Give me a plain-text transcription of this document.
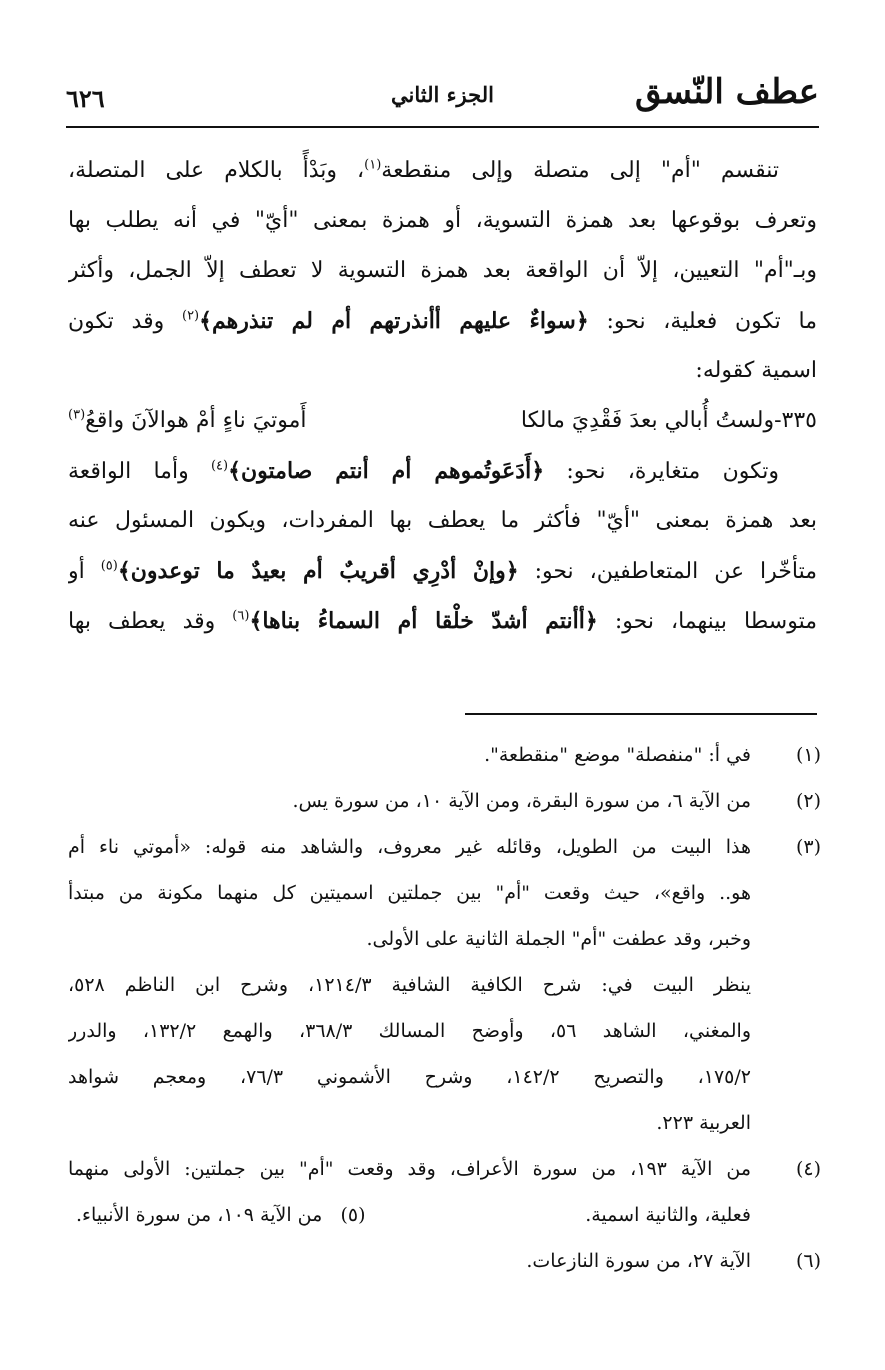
عطف النّسق
الجزء الثاني
٦٢٦
تنقسم "أم" إلى متصلة وإلى منقطعة$^{(١)}$، وبَدْأً بالكلام على المتصلة،
وتعرف بوقوعها بعد همزة التسوية، أو همزة بمعنى "أيّ" في أنه يطلب بها
وبـ"أم" التعيين، إلاّ أن الواقعة بعد همزة التسوية لا تعطف إلاّ الجمل، وأكثر
ما تكون فعلية، نحو: ﴿سواءٌ عليهم أأنذرتهم أم لم تنذرهم﴾$^{(٢)}$ وقد تكون
اسمية كقوله:
٣٣٥-ولستُ أُبالي بعدَ فَقْدِيَ مالكا
أَموتيَ ناءٍ أمْ هوالآنَ واقعُ$^{(٣)}$
وتكون متغايرة، نحو: ﴿أَدَعَوتُموهم أم أنتم صامتون﴾$^{(٤)}$ وأما الواقعة
بعد همزة بمعنى "أيّ" فأكثر ما يعطف بها المفردات، ويكون المسئول عنه
متأخّرا عن المتعاطفين، نحو: ﴿وإنْ أدْرِي أقريبٌ أم بعيدٌ ما توعدون﴾$^{(٥)}$ أو
متوسطا بينهما، نحو: ﴿أأنتم أشدّ خلْقا أم السماءُ بناها﴾$^{(٦)}$ وقد يعطف بها
(١)
في أ: "منفصلة" موضع "منقطعة".
(٢)
من الآية ٦، من سورة البقرة، ومن الآية ١٠، من سورة يس.
(٣)
هذا البيت من الطويل، وقائله غير معروف، والشاهد منه قوله: «أموتي ناء أم
هو.. واقع»، حيث وقعت "أم" بين جملتين اسميتين كل منهما مكونة من مبتدأ
وخبر، وقد عطفت "أم" الجملة الثانية على الأولى.
ينظر البيت في: شرح الكافية الشافية ١٢١٤/٣، وشرح ابن الناظم ٥٢٨،
والمغني، الشاهد ٥٦، وأوضح المسالك ٣٦٨/٣، والهمع ١٣٢/٢، والدرر
١٧٥/٢، والتصريح ١٤٢/٢، وشرح الأشموني ٧٦/٣، ومعجم شواهد
العربية ٢٢٣.
(٤)
من الآية ١٩٣، من سورة الأعراف، وقد وقعت "أم" بين جملتين: الأولى منهما
فعلية، والثانية اسمية.
(٥)   من الآية ١٠٩، من سورة الأنبياء.
(٦)
الآية ٢٧، من سورة النازعات.
